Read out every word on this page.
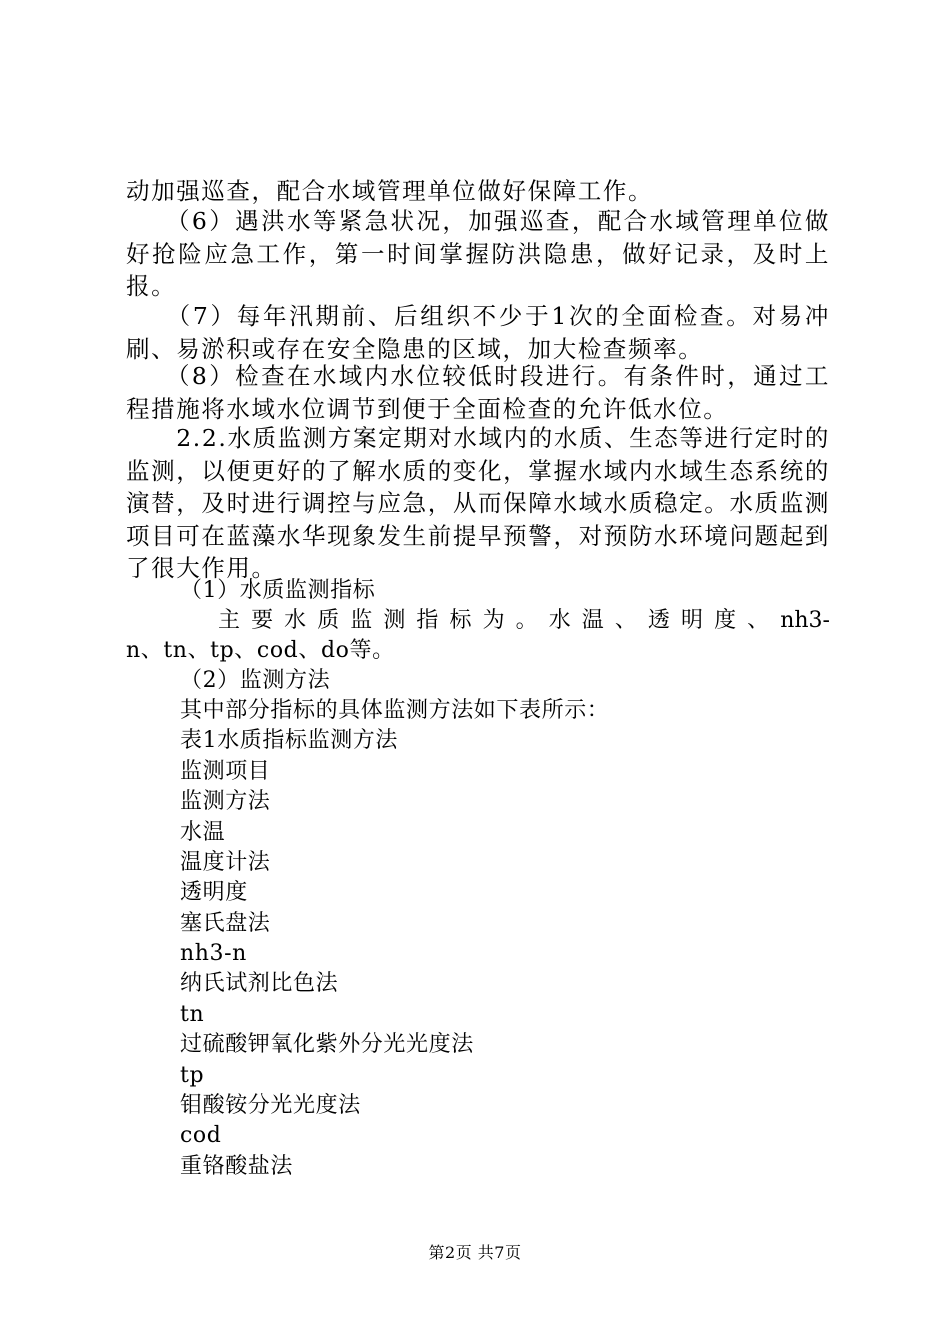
动加强巡查，配合水域管理单位做好保障工作。

　　（6）遇洪水等紧急状况，加强巡查，配合水域管理单位做好抢险应急工作，第一时间掌握防洪隐患，做好记录，及时上报。

　　（7）每年汛期前、后组织不少于1次的全面检查。对易冲刷、易淤积或存在安全隐患的区域，加大检查频率。

　　（8）检查在水域内水位较低时段进行。有条件时，通过工程措施将水域水位调节到便于全面检查的允许低水位。

　　2.2.水质监测方案定期对水域内的水质、生态等进行定时的监测，以便更好的了解水质的变化，掌握水域内水域生态系统的演替，及时进行调控与应急，从而保障水域水质稳定。水质监测项目可在蓝藻水华现象发生前提早预警，对预防水环境问题起到了很大作用。

（1）水质监测指标

主要水质监测指标为。水温、透明度、nh3-

n、tn、tp、cod、do等。

（2）监测方法

其中部分指标的具体监测方法如下表所示：

表1水质指标监测方法

监测项目

监测方法

水温

温度计法

透明度

塞氏盘法

nh3-n

纳氏试剂比色法

tn

过硫酸钾氧化紫外分光光度法

tp

钼酸铵分光光度法

cod

重铬酸盐法

第2页 共7页
